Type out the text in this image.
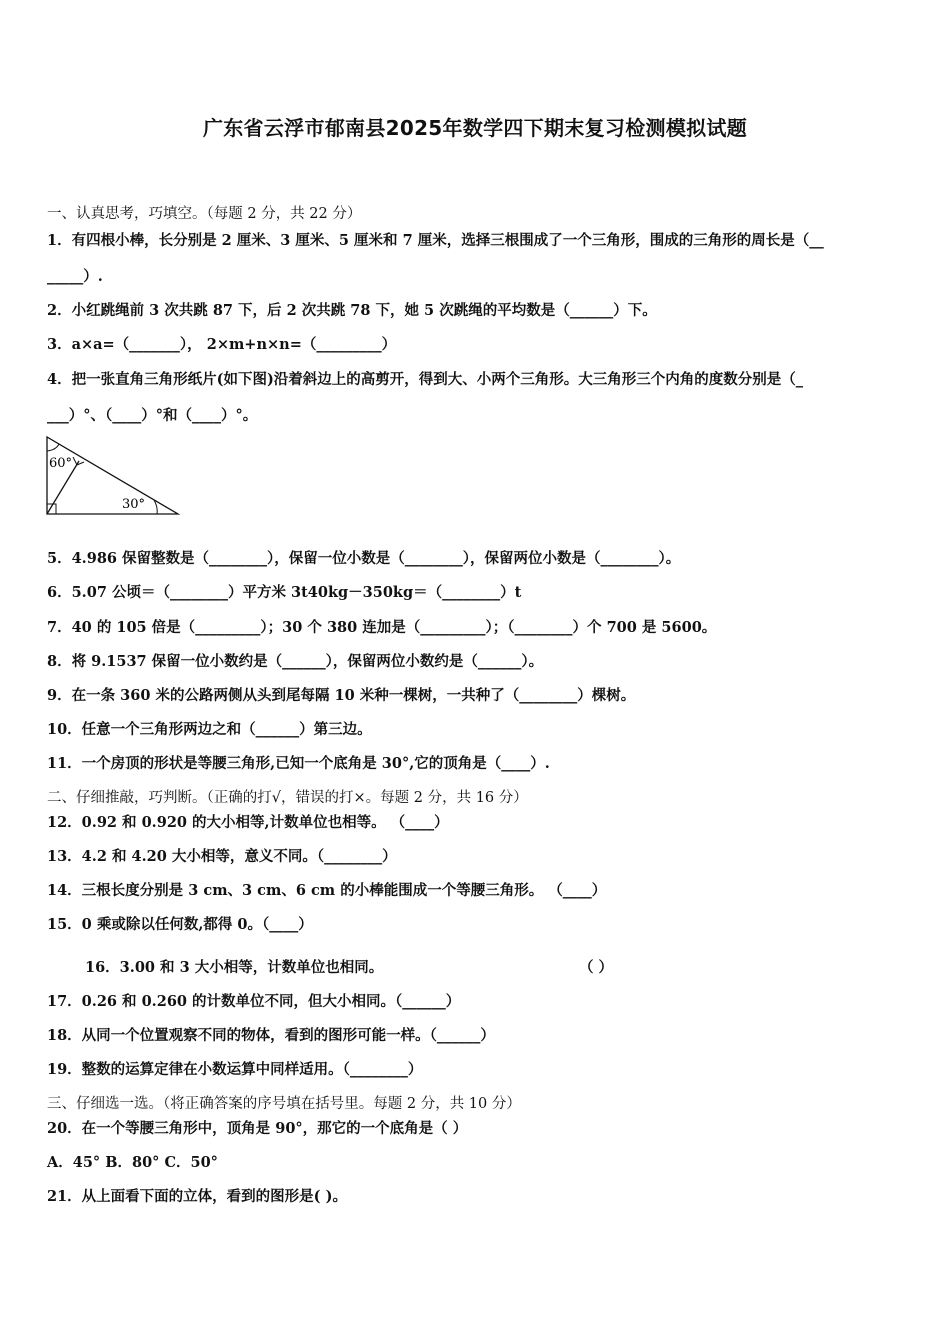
广东省云浮市郁南县2025年数学四下期末复习检测模拟试题
一、认真思考，巧填空。（每题 2 分，共 22 分）
1．有四根小棒，长分别是 2 厘米、3 厘米、5 厘米和 7 厘米，选择三根围成了一个三角形，围成的三角形的周长是（__
_____）.
2．小红跳绳前 3 次共跳 87 下，后 2 次共跳 78 下，她 5 次跳绳的平均数是（______）下。
3．a×a=（_______）， 2×m+n×n=（_________）
4．把一张直角三角形纸片(如下图)沿着斜边上的高剪开，得到大、小两个三角形。大三角形三个内角的度数分别是（_
___）°、（____）°和（____）°。
60°
30°
5．4.986 保留整数是（________），保留一位小数是（________），保留两位小数是（________）。
6．5.07 公顷＝（________）平方米 3t40kg－350kg＝（________）t
7．40 的 105 倍是（_________）；30 个 380 连加是（_________）；（________）个 700 是 5600。
8．将 9.1537 保留一位小数约是（______），保留两位小数约是（______）。
9．在一条 360 米的公路两侧从头到尾每隔 10 米种一棵树，一共种了（________）棵树。
10．任意一个三角形两边之和（______）第三边。
11．一个房顶的形状是等腰三角形,已知一个底角是 30°,它的顶角是（____）.
二、仔细推敲，巧判断。（正确的打√，错误的打×。每题 2 分，共 16 分）
12．0.92 和 0.920 的大小相等,计数单位也相等。 （____）
13．4.2 和 4.20 大小相等，意义不同。（________）
14．三根长度分别是 3 cm、3 cm、6 cm 的小棒能围成一个等腰三角形。 （____）
15．0 乘或除以任何数,都得 0。（____）
16．3.00 和 3 大小相等，计数单位也相同。	（ ）
17．0.26 和 0.260 的计数单位不同，但大小相同。（______）
18．从同一个位置观察不同的物体，看到的图形可能一样。（______）
19．整数的运算定律在小数运算中同样适用。（________）
三、仔细选一选。（将正确答案的序号填在括号里。每题 2 分，共 10 分）
20．在一个等腰三角形中，顶角是 90°，那它的一个底角是（ ）
A．45° B．80° C．50°
21．从上面看下面的立体，看到的图形是( )。
